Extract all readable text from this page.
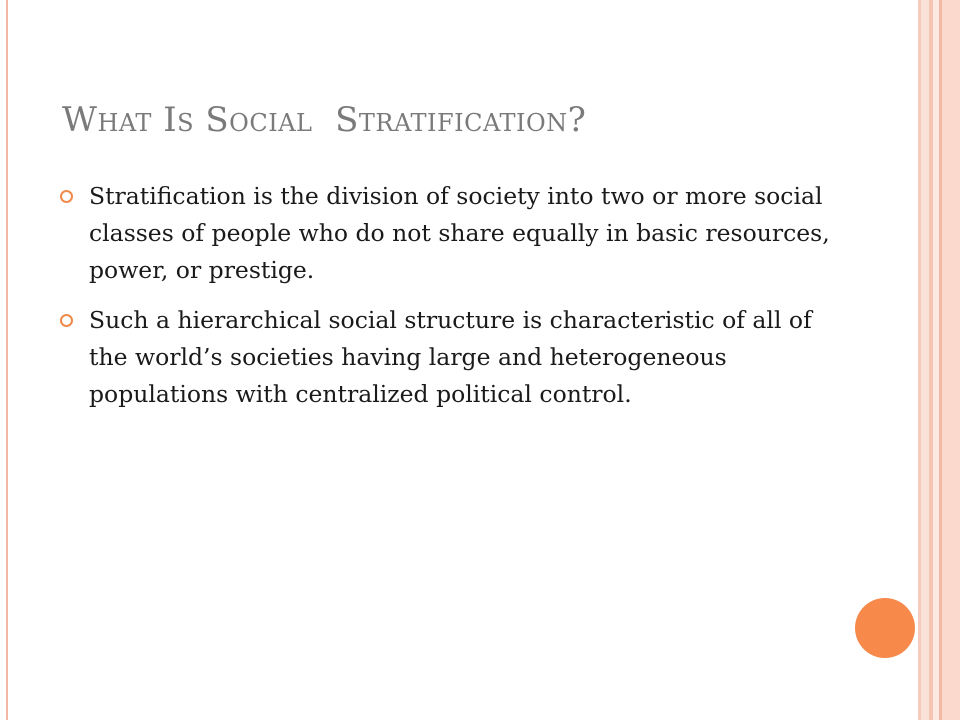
What Is Social  Stratification?
Stratification is the division of society into two or more social classes of people who do not share equally in basic resources, power, or prestige.
Such a hierarchical social structure is characteristic of all of the world’s societies having large and heterogeneous populations with centralized political control.
